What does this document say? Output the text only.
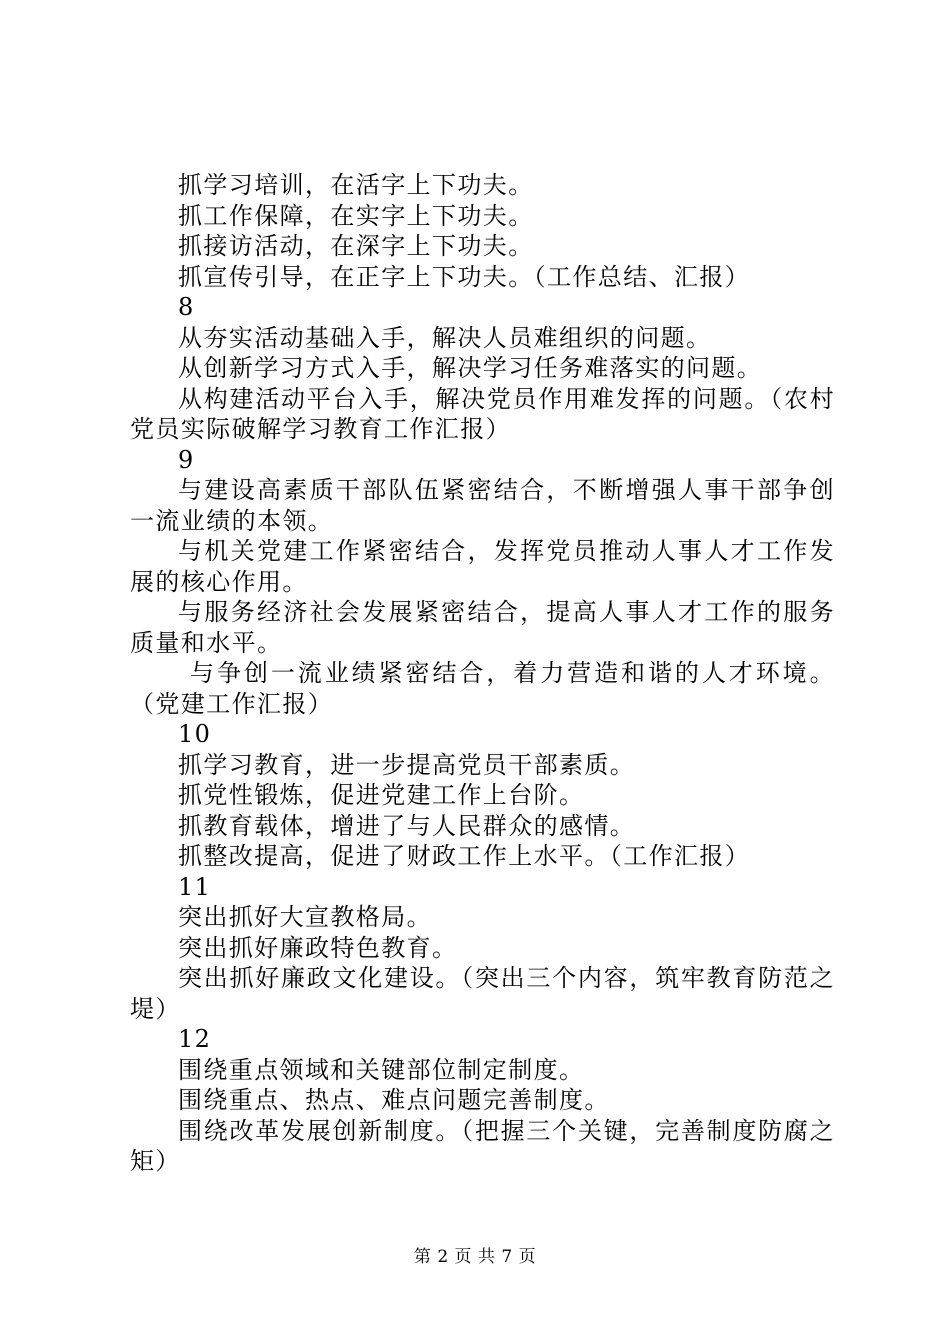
抓学习培训，在活字上下功夫。
抓工作保障，在实字上下功夫。
抓接访活动，在深字上下功夫。
抓宣传引导，在正字上下功夫。（工作总结、汇报）
8
从夯实活动基础入手，解决人员难组织的问题。
从创新学习方式入手，解决学习任务难落实的问题。
从构建活动平台入手，解决党员作用难发挥的问题。（农村党员实际破解学习教育工作汇报）
9
与建设高素质干部队伍紧密结合，不断增强人事干部争创一流业绩的本领。
与机关党建工作紧密结合，发挥党员推动人事人才工作发展的核心作用。
与服务经济社会发展紧密结合，提高人事人才工作的服务质量和水平。
与争创一流业绩紧密结合，着力营造和谐的人才环境。（党建工作汇报）
10
抓学习教育，进一步提高党员干部素质。
抓党性锻炼，促进党建工作上台阶。
抓教育载体，增进了与人民群众的感情。
抓整改提高，促进了财政工作上水平。（工作汇报）
11
突出抓好大宣教格局。
突出抓好廉政特色教育。
突出抓好廉政文化建设。（突出三个内容，筑牢教育防范之堤）
12
围绕重点领域和关键部位制定制度。
围绕重点、热点、难点问题完善制度。
围绕改革发展创新制度。（把握三个关键，完善制度防腐之矩）
第 2 页 共 7 页
